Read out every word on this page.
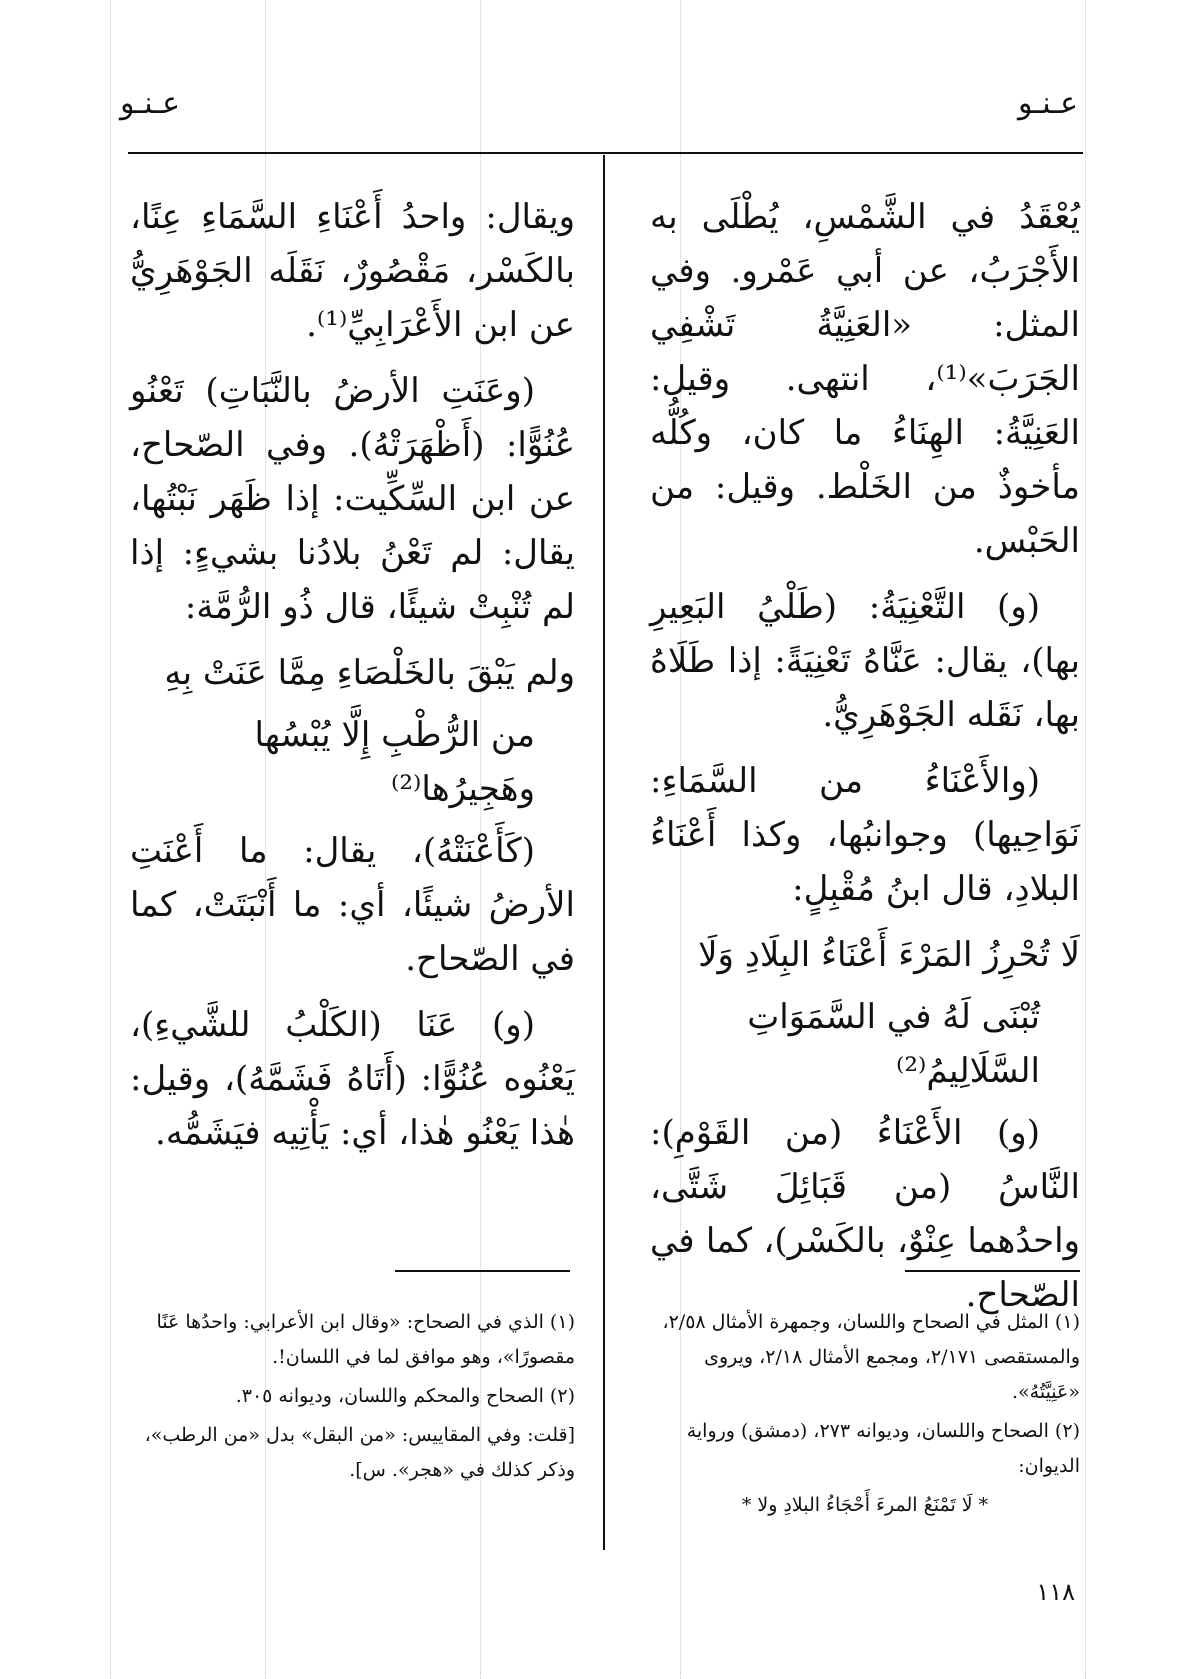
عـنـو	عـنـو

يُعْقَدُ في الشَّمْسِ، يُطْلَى به الأَجْرَبُ، عن أبي عَمْرو. وفي المثل: «العَنِيَّةُ تَشْفِي الجَرَبَ»⁽¹⁾، انتهى. وقيل: العَنِيَّةُ: الهِنَاءُ ما كان، وكُلُّه مأخوذٌ من الخَلْط. وقيل: من الحَبْس.

(و) التَّعْنِيَةُ: (طَلْيُ البَعِيرِ بها)، يقال: عَنَّاهُ تَعْنِيَةً: إذا طَلَاهُ بها، نَقَله الجَوْهَرِيُّ.

(والأَعْنَاءُ من السَّمَاءِ: نَوَاحِيها) وجوانبُها، وكذا أَعْنَاءُ البلادِ، قال ابنُ مُقْبِلٍ:

لَا تُحْرِزُ المَرْءَ أَعْنَاءُ البِلَادِ وَلَا

تُبْنَى لَهُ في السَّمَوَاتِ السَّلَالِيمُ⁽²⁾

(و) الأَعْنَاءُ (من القَوْمِ): النَّاسُ (من قَبَائِلَ شَتَّى، واحدُهما عِنْوٌ، بالكَسْر)، كما في الصّحاح.

ويقال: واحدُ أَعْنَاءِ السَّمَاءِ عِنًا، بالكَسْر، مَقْصُورٌ، نَقَلَه الجَوْهَرِيُّ عن ابن الأَعْرَابِيِّ⁽¹⁾.

(وعَنَتِ الأرضُ بالنَّبَاتِ) تَعْنُو عُنُوًّا: (أَظْهَرَتْهُ). وفي الصّحاح، عن ابن السِّكِّيت: إذا ظَهَر نَبْتُها، يقال: لم تَعْنُ بلادُنا بشيءٍ: إذا لم تُنْبِتْ شيئًا، قال ذُو الرُّمَّة:

ولم يَبْقَ بالخَلْصَاءِ مِمَّا عَنَتْ بِهِ

من الرُّطْبِ إِلَّا يُبْسُها وهَجِيرُها⁽²⁾

(كَأَعْنَتْهُ)، يقال: ما أَعْنَتِ الأرضُ شيئًا، أي: ما أَنْبَتَتْ، كما في الصّحاح.

(و) عَنَا (الكَلْبُ للشَّيءِ)، يَعْنُوه عُنُوًّا: (أَتَاهُ فَشَمَّهُ)، وقيل: هٰذا يَعْنُو هٰذا، أي: يَأْتِيه فيَشَمُّه.

(١) المثل في الصحاح واللسان، وجمهرة الأمثال ٢/٥٨، والمستقصى ٢/١٧١، ومجمع الأمثال ٢/١٨، ويروى «عَنِيَّتُهُ».

(٢) الصحاح واللسان، وديوانه ٢٧٣، (دمشق) ورواية الديوان:

* لَا تَمْنَعُ المرءَ أَحْجَاءُ البلادِ ولا *

(١) الذي في الصحاح: «وقال ابن الأعرابي: واحدُها عَنًا مقصورًا»، وهو موافق لما في اللسان!.

(٢) الصحاح والمحكم واللسان، وديوانه ٣٠٥.

[قلت: وفي المقاييس: «من البقل» بدل «من الرطب»، وذكر كذلك في «هجر». س].

١١٨
